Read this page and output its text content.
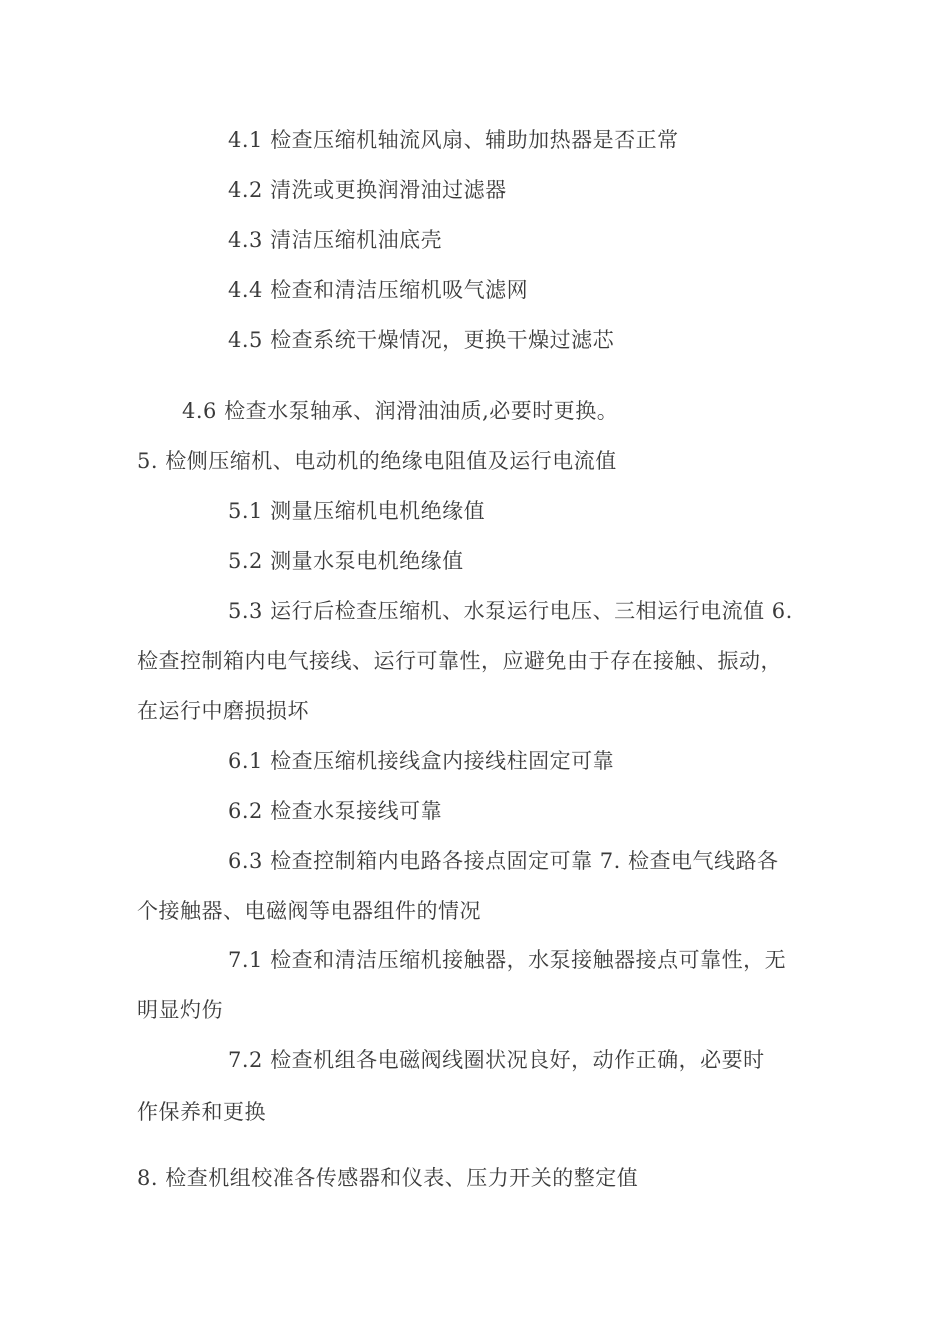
4.1 检查压缩机轴流风扇、辅助加热器是否正常
4.2 清洗或更换润滑油过滤器
4.3 清洁压缩机油底壳
4.4 检查和清洁压缩机吸气滤网
4.5 检查系统干燥情况，更换干燥过滤芯
4.6 检查水泵轴承、润滑油油质,必要时更换。
5. 检侧压缩机、电动机的绝缘电阻值及运行电流值
5.1 测量压缩机电机绝缘值
5.2 测量水泵电机绝缘值
5.3 运行后检查压缩机、水泵运行电压、三相运行电流值 6.
检查控制箱内电气接线、运行可靠性，应避免由于存在接触、振动，
在运行中磨损损坏
6.1 检查压缩机接线盒内接线柱固定可靠
6.2 检查水泵接线可靠
6.3 检查控制箱内电路各接点固定可靠 7. 检查电气线路各
个接触器、电磁阀等电器组件的情况
7.1 检查和清洁压缩机接触器，水泵接触器接点可靠性，无
明显灼伤
7.2 检查机组各电磁阀线圈状况良好，动作正确，必要时
作保养和更换
8. 检查机组校准各传感器和仪表、压力开关的整定值
